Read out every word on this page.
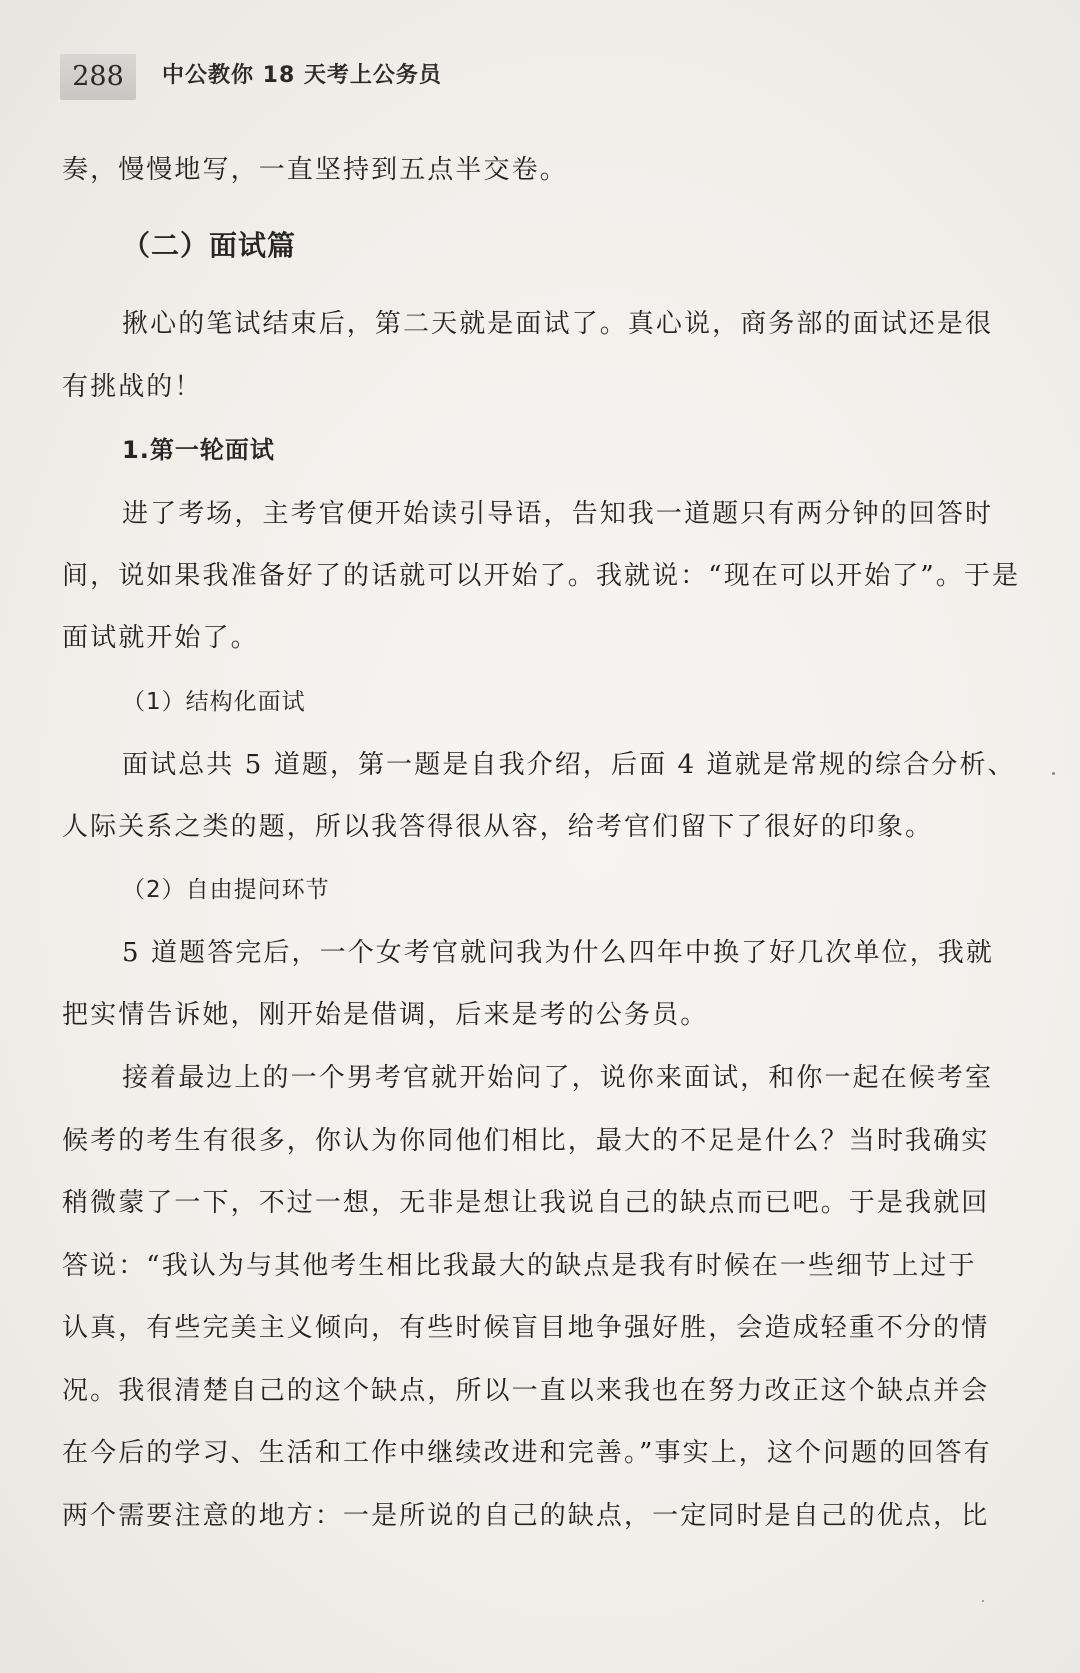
288	中公教你 18 天考上公务员
奏，慢慢地写，一直坚持到五点半交卷。
（二）面试篇
揪心的笔试结束后，第二天就是面试了。真心说，商务部的面试还是很
有挑战的！
1.第一轮面试
进了考场，主考官便开始读引导语，告知我一道题只有两分钟的回答时
间，说如果我准备好了的话就可以开始了。我就说：“现在可以开始了”。于是
面试就开始了。
（1）结构化面试
面试总共 5 道题，第一题是自我介绍，后面 4 道就是常规的综合分析、
人际关系之类的题，所以我答得很从容，给考官们留下了很好的印象。
（2）自由提问环节
5 道题答完后，一个女考官就问我为什么四年中换了好几次单位，我就
把实情告诉她，刚开始是借调，后来是考的公务员。
接着最边上的一个男考官就开始问了，说你来面试，和你一起在候考室
候考的考生有很多，你认为你同他们相比，最大的不足是什么？当时我确实
稍微蒙了一下，不过一想，无非是想让我说自己的缺点而已吧。于是我就回
答说：“我认为与其他考生相比我最大的缺点是我有时候在一些细节上过于
认真，有些完美主义倾向，有些时候盲目地争强好胜，会造成轻重不分的情
况。我很清楚自己的这个缺点，所以一直以来我也在努力改正这个缺点并会
在今后的学习、生活和工作中继续改进和完善。”事实上，这个问题的回答有
两个需要注意的地方：一是所说的自己的缺点，一定同时是自己的优点，比
